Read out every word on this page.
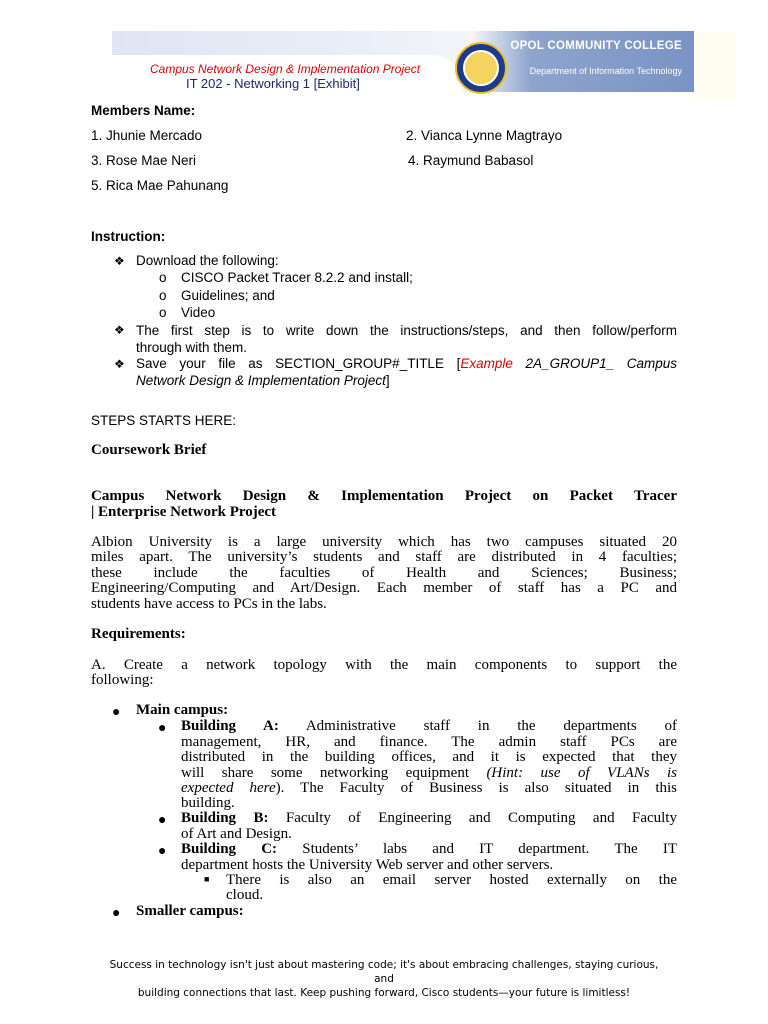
Campus Network Design & Implementation Project
IT 202 - Networking 1 [Exhibit]
OPOL COMMUNITY COLLEGE
Department of Information Technology
Members Name:
1. Jhunie Mercado	2. Vianca Lynne Magtrayo
3. Rose Mae Neri	4. Raymund Babasol
5. Rica Mae Pahunang
Instruction:
❖ Download the following:
o CISCO Packet Tracer 8.2.2 and install;
o Guidelines; and
o Video
❖ The first step is to write down the instructions/steps, and then follow/perform
through with them.
❖ Save your file as SECTION_GROUP#_TITLE [Example 2A_GROUP1_ Campus
Network Design & Implementation Project]
STEPS STARTS HERE:
Coursework Brief
Campus Network Design & Implementation Project on Packet Tracer
| Enterprise Network Project
Albion University is a large university which has two campuses situated 20
miles apart. The university’s students and staff are distributed in 4 faculties;
these include the faculties of Health and Sciences; Business;
Engineering/Computing and Art/Design. Each member of staff has a PC and
students have access to PCs in the labs.
Requirements:
A. Create a network topology with the main components to support the
following:
● Main campus:
● Building A: Administrative staff in the departments of
management, HR, and finance. The admin staff PCs are
distributed in the building offices, and it is expected that they
will share some networking equipment (Hint: use of VLANs is
expected here). The Faculty of Business is also situated in this
building.
● Building B: Faculty of Engineering and Computing and Faculty
of Art and Design.
● Building C: Students’ labs and IT department. The IT
department hosts the University Web server and other servers.
■ There is also an email server hosted externally on the
cloud.
● Smaller campus:
Success in technology isn't just about mastering code; it's about embracing challenges, staying curious, and
building connections that last. Keep pushing forward, Cisco students—your future is limitless!
